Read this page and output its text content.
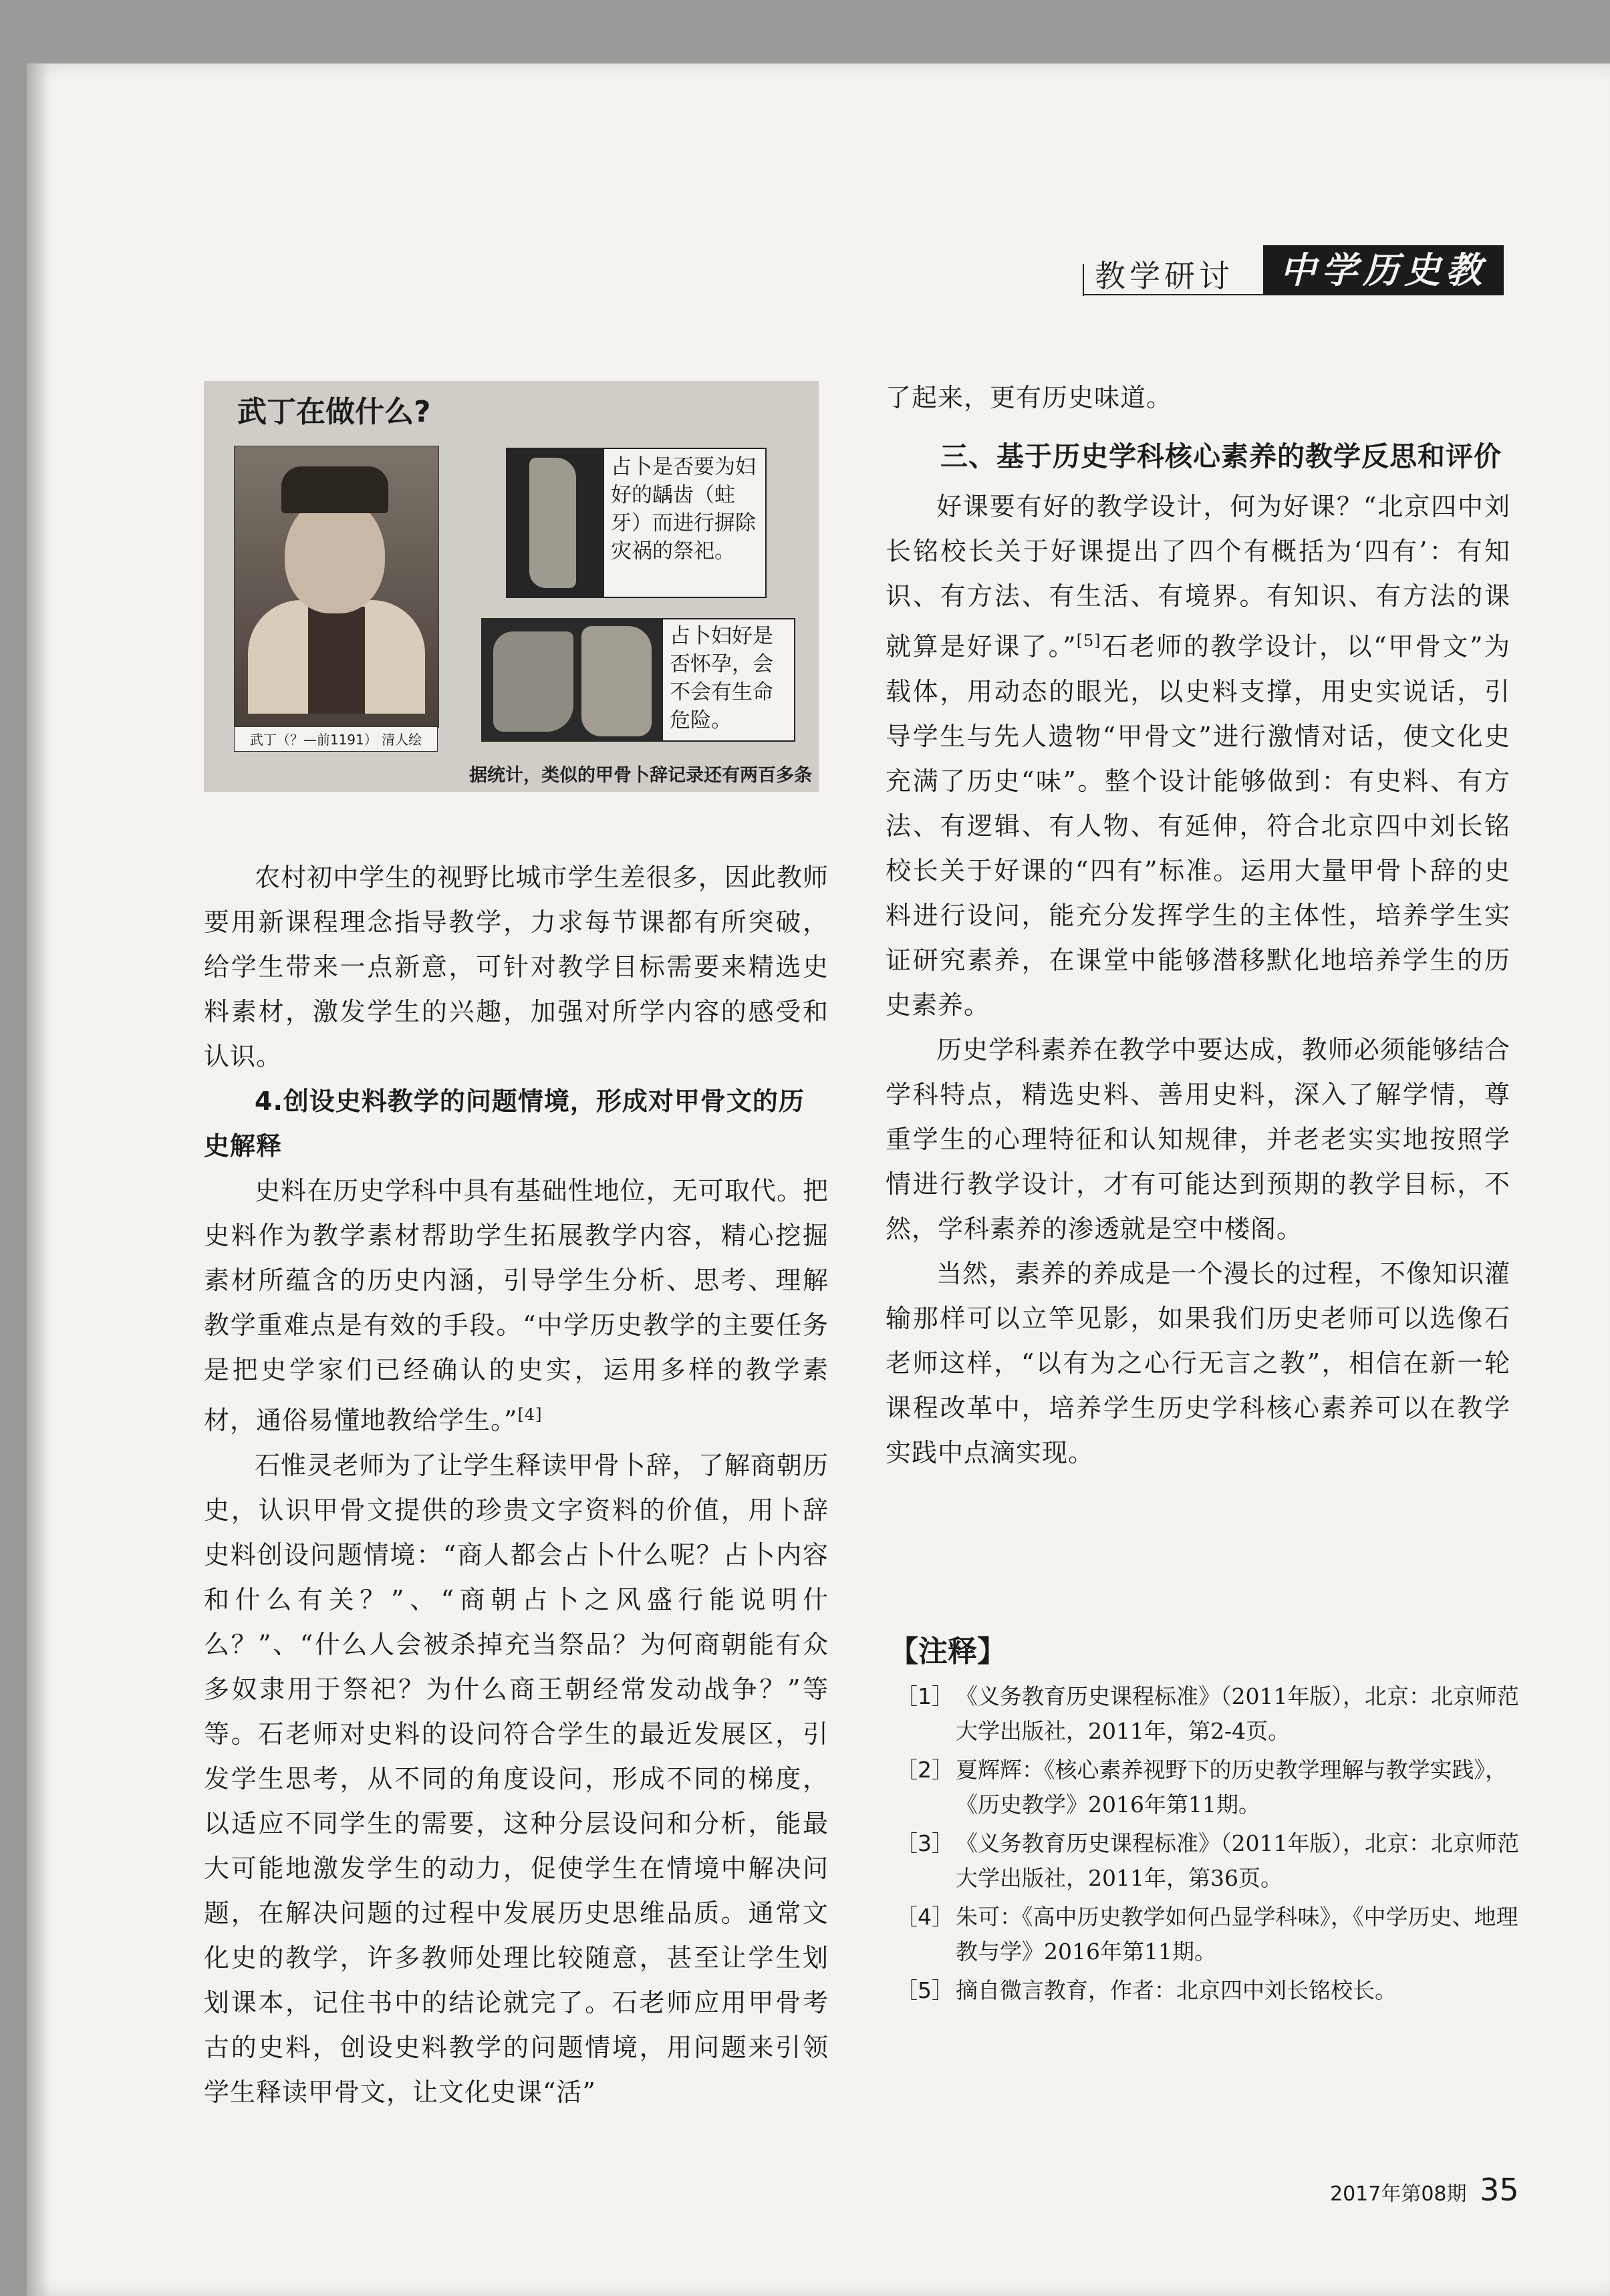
教学研讨	中学历史教学
武丁在做什么?
武丁（？—前1191） 清人绘
占卜是否要为妇好的龋齿（蛀牙）而进行摒除灾祸的祭祀。
占卜妇好是否怀孕，会不会有生命危险。
据统计，类似的甲骨卜辞记录还有两百多条

农村初中学生的视野比城市学生差很多，因此教师要用新课程理念指导教学，力求每节课都有所突破，给学生带来一点新意，可针对教学目标需要来精选史料素材，激发学生的兴趣，加强对所学内容的感受和认识。

4.创设史料教学的问题情境，形成对甲骨文的历史解释

史料在历史学科中具有基础性地位，无可取代。把史料作为教学素材帮助学生拓展教学内容，精心挖掘素材所蕴含的历史内涵，引导学生分析、思考、理解教学重难点是有效的手段。“中学历史教学的主要任务是把史学家们已经确认的史实，运用多样的教学素材，通俗易懂地教给学生。”[4]

石惟灵老师为了让学生释读甲骨卜辞，了解商朝历史，认识甲骨文提供的珍贵文字资料的价值，用卜辞史料创设问题情境：“商人都会占卜什么呢？占卜内容和什么有关？”、“商朝占卜之风盛行能说明什么？”、“什么人会被杀掉充当祭品？为何商朝能有众多奴隶用于祭祀？为什么商王朝经常发动战争？”等等。石老师对史料的设问符合学生的最近发展区，引发学生思考，从不同的角度设问，形成不同的梯度，以适应不同学生的需要，这种分层设问和分析，能最大可能地激发学生的动力，促使学生在情境中解决问题，在解决问题的过程中发展历史思维品质。通常文化史的教学，许多教师处理比较随意，甚至让学生划划课本，记住书中的结论就完了。石老师应用甲骨考古的史料，创设史料教学的问题情境，用问题来引领学生释读甲骨文，让文化史课“活”

了起来，更有历史味道。

三、基于历史学科核心素养的教学反思和评价

好课要有好的教学设计，何为好课？“北京四中刘长铭校长关于好课提出了四个有概括为‘四有’：有知识、有方法、有生活、有境界。有知识、有方法的课就算是好课了。”[5]石老师的教学设计，以“甲骨文”为载体，用动态的眼光，以史料支撑，用史实说话，引导学生与先人遗物“甲骨文”进行激情对话，使文化史充满了历史“味”。整个设计能够做到：有史料、有方法、有逻辑、有人物、有延伸，符合北京四中刘长铭校长关于好课的“四有”标准。运用大量甲骨卜辞的史料进行设问，能充分发挥学生的主体性，培养学生实证研究素养，在课堂中能够潜移默化地培养学生的历史素养。

历史学科素养在教学中要达成，教师必须能够结合学科特点，精选史料、善用史料，深入了解学情，尊重学生的心理特征和认知规律，并老老实实地按照学情进行教学设计，才有可能达到预期的教学目标，不然，学科素养的渗透就是空中楼阁。

当然，素养的养成是一个漫长的过程，不像知识灌输那样可以立竿见影，如果我们历史老师可以选像石老师这样，“以有为之心行无言之教”，相信在新一轮课程改革中，培养学生历史学科核心素养可以在教学实践中点滴实现。

【注释】
［1］ 《义务教育历史课程标准》（2011年版），北京：北京师范大学出版社，2011年，第2-4页。
［2］ 夏辉辉：《核心素养视野下的历史教学理解与教学实践》，《历史教学》2016年第11期。
［3］ 《义务教育历史课程标准》（2011年版），北京：北京师范大学出版社，2011年，第36页。
［4］ 朱可：《高中历史教学如何凸显学科味》，《中学历史、地理教与学》2016年第11期。
［5］ 摘自微言教育，作者：北京四中刘长铭校长。
2017年第08期 35
